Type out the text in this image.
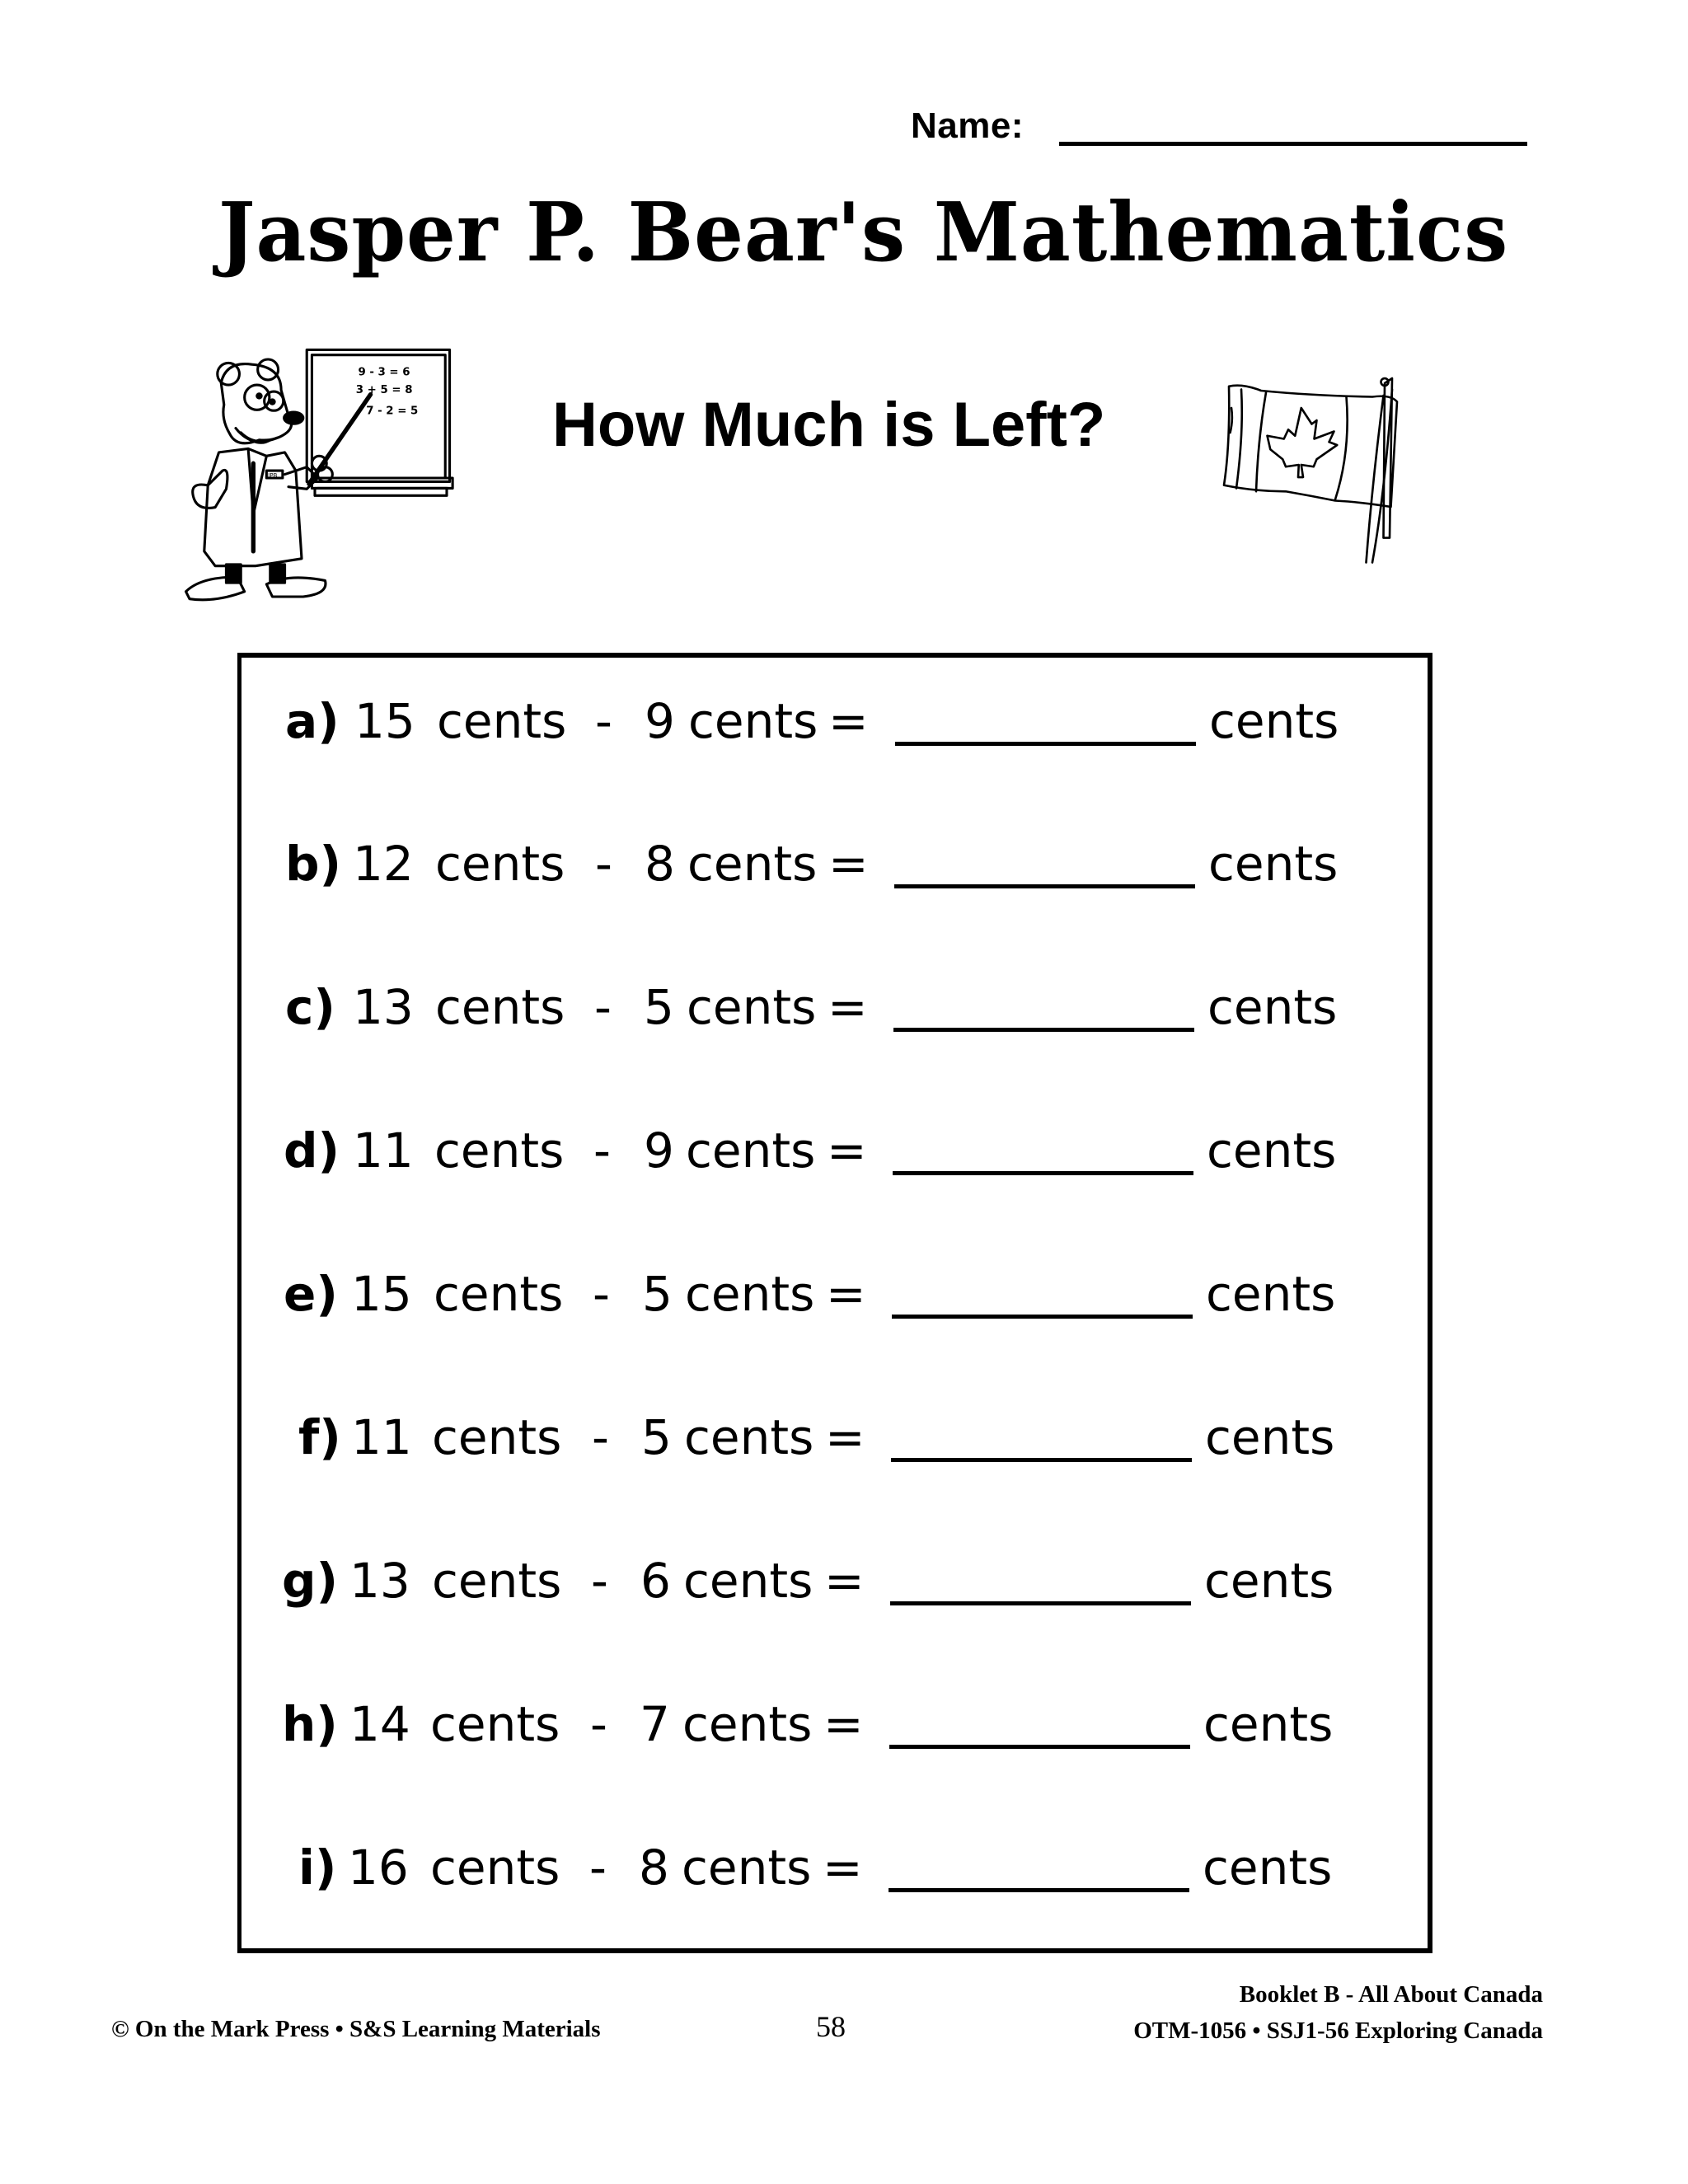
Name:
Jasper P. Bear's Mathematics
9 - 3 = 6
3 + 5 = 8
7 - 2 = 5
JPB
How Much is Left?
a) 15 cents - 9 cents =	cents
b) 12 cents - 8 cents =	cents
c) 13 cents - 5 cents =	cents
d) 11 cents - 9 cents =	cents
e) 15 cents - 5 cents =	cents
f) 11 cents - 5 cents =	cents
g) 13 cents - 6 cents =	cents
h) 14 cents - 7 cents =	cents
i) 16 cents - 8 cents =	cents
© On the Mark Press • S&S Learning Materials	58
Booklet B - All About Canada
OTM-1056 • SSJ1-56 Exploring Canada
